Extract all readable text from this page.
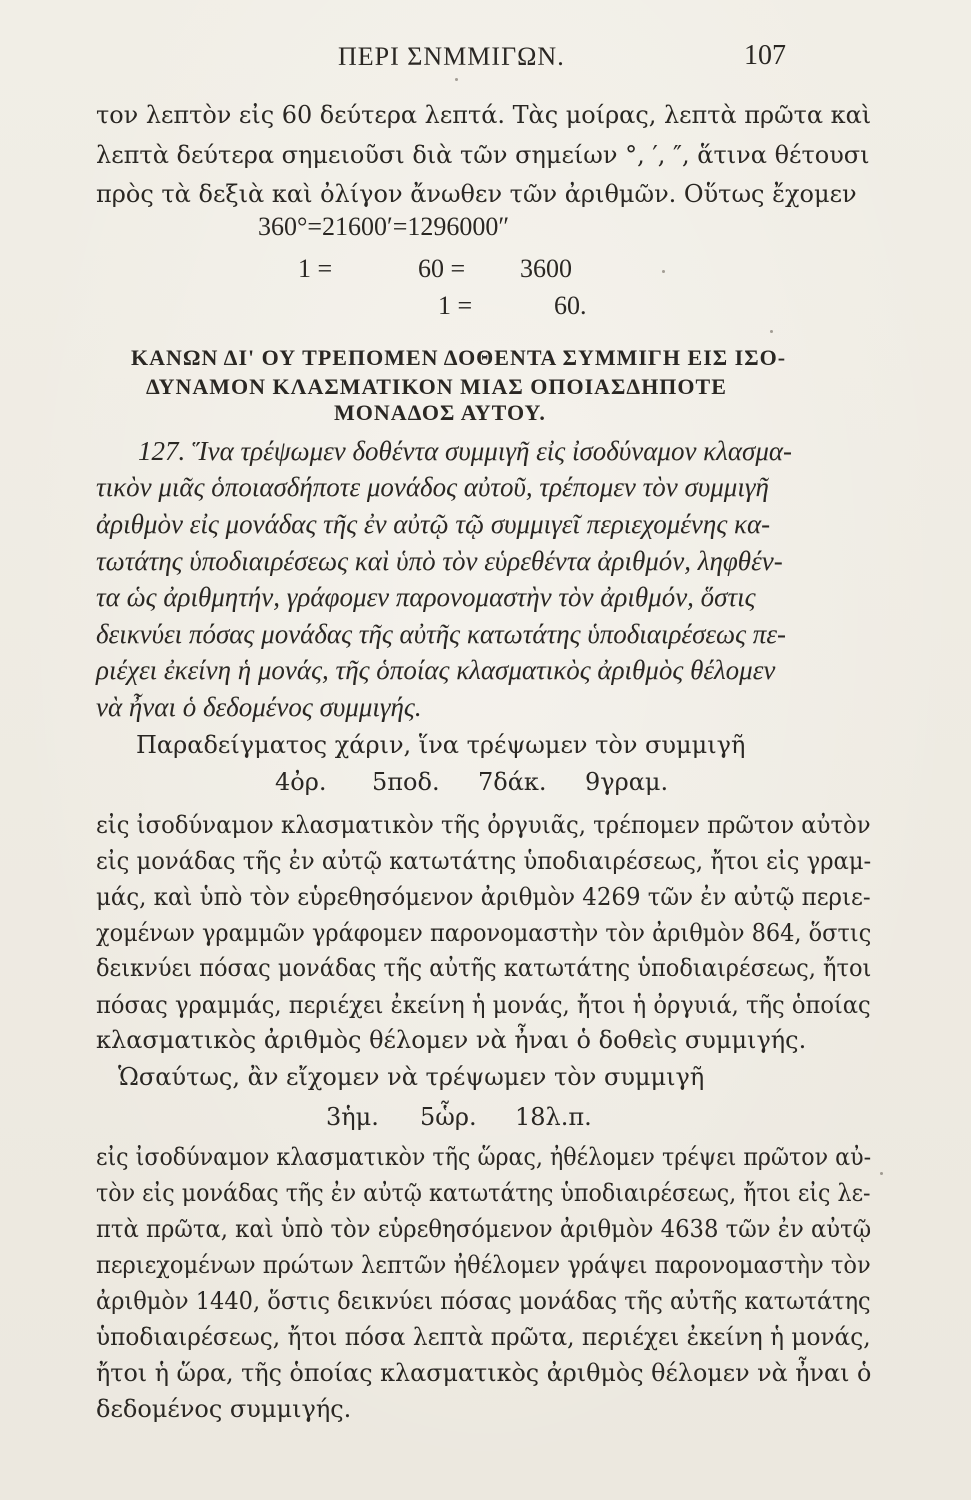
ΠΕΡΙ ΣΝΜΜΙΓΩΝ.	107
τον λεπτὸν εἰς 60 δεύτερα λεπτά. Τὰς μοίρας, λεπτὰ πρῶτα καὶ
λεπτὰ δεύτερα σημειοῦσι διὰ τῶν σημείων °, ′, ″, ἅτινα θέτουσι
πρὸς τὰ δεξιὰ καὶ ὀλίγον ἄνωθεν τῶν ἀριθμῶν. Οὕτως ἔχομεν
360°=21600′=1296000″
1 =	60 = 3600
1 =	60.
ΚΑΝΩΝ ΔΙ' ΟΥ ΤΡΕΠΟΜΕΝ ΔΟΘΕΝΤΑ ΣΥΜΜΙΓΗ ΕΙΣ ΙΣΟ-
ΔΥΝΑΜΟΝ ΚΛΑΣΜΑΤΙΚΟΝ ΜΙΑΣ ΟΠΟΙΑΣΔΗΠΟΤΕ
ΜΟΝΑΔΟΣ ΑΥΤΟΥ.
127. Ἵνα τρέψωμεν δοθέντα συμμιγῆ εἰς ἰσοδύναμον κλασμα-
τικὸν μιᾶς ὁποιασδήποτε μονάδος αὐτοῦ, τρέπομεν τὸν συμμιγῆ
ἀριθμὸν εἰς μονάδας τῆς ἐν αὐτῷ τῷ συμμιγεῖ περιεχομένης κα-
τωτάτης ὑποδιαιρέσεως καὶ ὑπὸ τὸν εὑρεθέντα ἀριθμόν, ληφθέν-
τα ὡς ἀριθμητήν, γράφομεν παρονομαστὴν τὸν ἀριθμόν, ὅστις
δεικνύει πόσας μονάδας τῆς αὐτῆς κατωτάτης ὑποδιαιρέσεως πε-
ριέχει ἐκείνη ἡ μονάς, τῆς ὁποίας κλασματικὸς ἀριθμὸς θέλομεν
νὰ ἦναι ὁ δεδομένος συμμιγής.
Παραδείγματος χάριν, ἵνα τρέψωμεν τὸν συμμιγῆ
4ὀρ. 5ποδ. 7δάκ. 9γραμ.
εἰς ἰσοδύναμον κλασματικὸν τῆς ὀργυιᾶς, τρέπομεν πρῶτον αὐτὸν
εἰς μονάδας τῆς ἐν αὐτῷ κατωτάτης ὑποδιαιρέσεως, ἤτοι εἰς γραμ-
μάς, καὶ ὑπὸ τὸν εὑρεθησόμενον ἀριθμὸν 4269 τῶν ἐν αὐτῷ περιε-
χομένων γραμμῶν γράφομεν παρονομαστὴν τὸν ἀριθμὸν 864, ὅστις
δεικνύει πόσας μονάδας τῆς αὐτῆς κατωτάτης ὑποδιαιρέσεως, ἤτοι
πόσας γραμμάς, περιέχει ἐκείνη ἡ μονάς, ἤτοι ἡ ὀργυιά, τῆς ὁποίας
κλασματικὸς ἀριθμὸς θέλομεν νὰ ἦναι ὁ δοθεὶς συμμιγής.
Ὡσαύτως, ἂν εἴχομεν νὰ τρέψωμεν τὸν συμμιγῆ
3ἡμ. 5ὧρ. 18λ.π.
εἰς ἰσοδύναμον κλασματικὸν τῆς ὥρας, ἠθέλομεν τρέψει πρῶτον αὐ-
τὸν εἰς μονάδας τῆς ἐν αὐτῷ κατωτάτης ὑποδιαιρέσεως, ἤτοι εἰς λε-
πτὰ πρῶτα, καὶ ὑπὸ τὸν εὑρεθησόμενον ἀριθμὸν 4638 τῶν ἐν αὐτῷ
περιεχομένων πρώτων λεπτῶν ἠθέλομεν γράψει παρονομαστὴν τὸν
ἀριθμὸν 1440, ὅστις δεικνύει πόσας μονάδας τῆς αὐτῆς κατωτάτης
ὑποδιαιρέσεως, ἤτοι πόσα λεπτὰ πρῶτα, περιέχει ἐκείνη ἡ μονάς,
ἤτοι ἡ ὥρα, τῆς ὁποίας κλασματικὸς ἀριθμὸς θέλομεν νὰ ἦναι ὁ
δεδομένος συμμιγής.
